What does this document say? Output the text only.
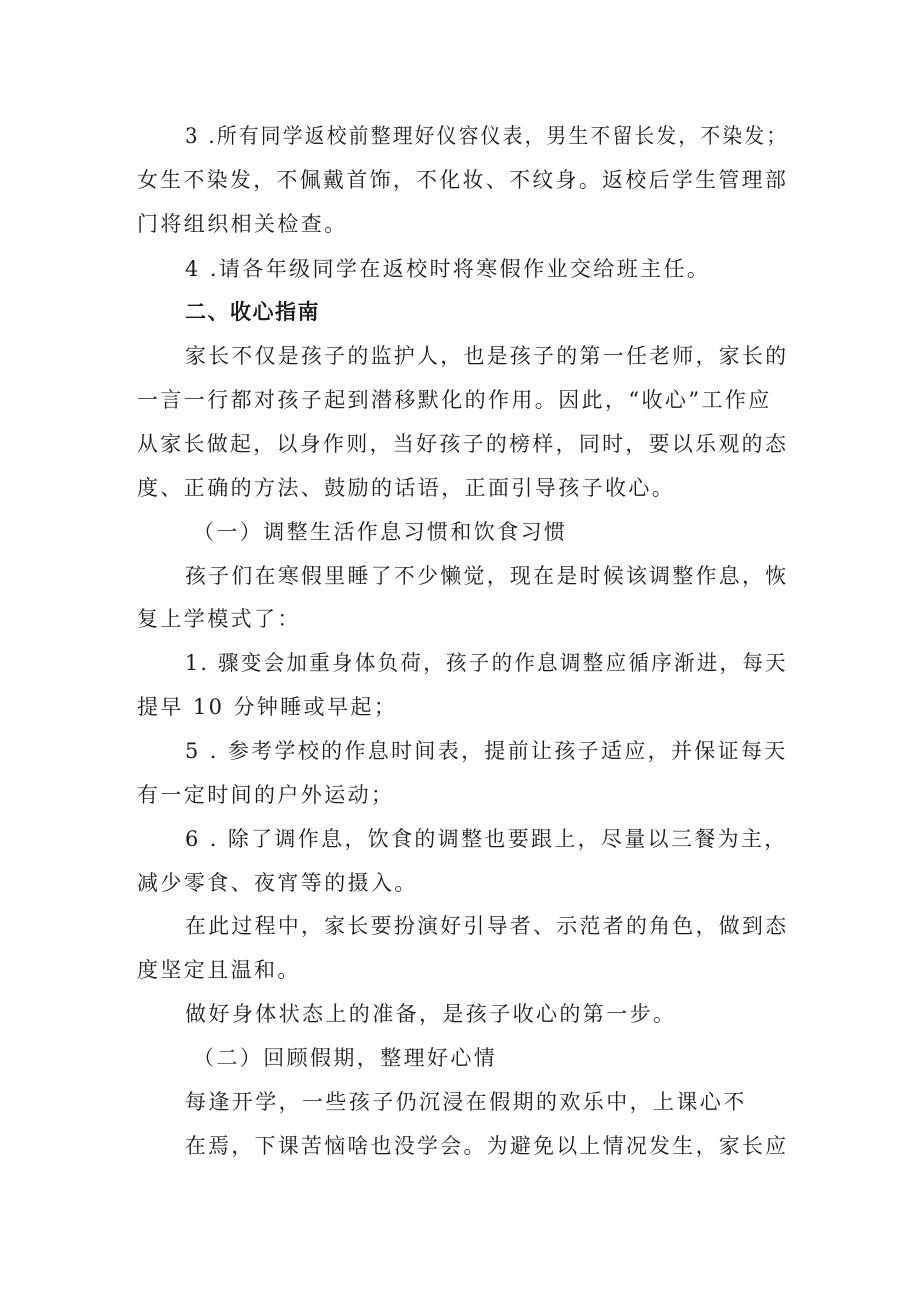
3 .所有同学返校前整理好仪容仪表，男生不留长发，不染发；
女生不染发，不佩戴首饰，不化妆、不纹身。返校后学生管理部
门将组织相关检查。
4 .请各年级同学在返校时将寒假作业交给班主任。
二、收心指南
家长不仅是孩子的监护人，也是孩子的第一任老师，家长的
一言一行都对孩子起到潜移默化的作用。因此，“收心”工作应
从家长做起，以身作则，当好孩子的榜样，同时，要以乐观的态
度、正确的方法、鼓励的话语，正面引导孩子收心。
（一）调整生活作息习惯和饮食习惯
孩子们在寒假里睡了不少懒觉，现在是时候该调整作息，恢
复上学模式了：
1. 骤变会加重身体负荷，孩子的作息调整应循序渐进，每天
提早 10 分钟睡或早起；
5 . 参考学校的作息时间表，提前让孩子适应，并保证每天
有一定时间的户外运动；
6 . 除了调作息，饮食的调整也要跟上，尽量以三餐为主，
减少零食、夜宵等的摄入。
在此过程中，家长要扮演好引导者、示范者的角色，做到态
度坚定且温和。
做好身体状态上的准备，是孩子收心的第一步。
（二）回顾假期，整理好心情
每逢开学，一些孩子仍沉浸在假期的欢乐中，上课心不
在焉，下课苦恼啥也没学会。为避免以上情况发生，家长应
